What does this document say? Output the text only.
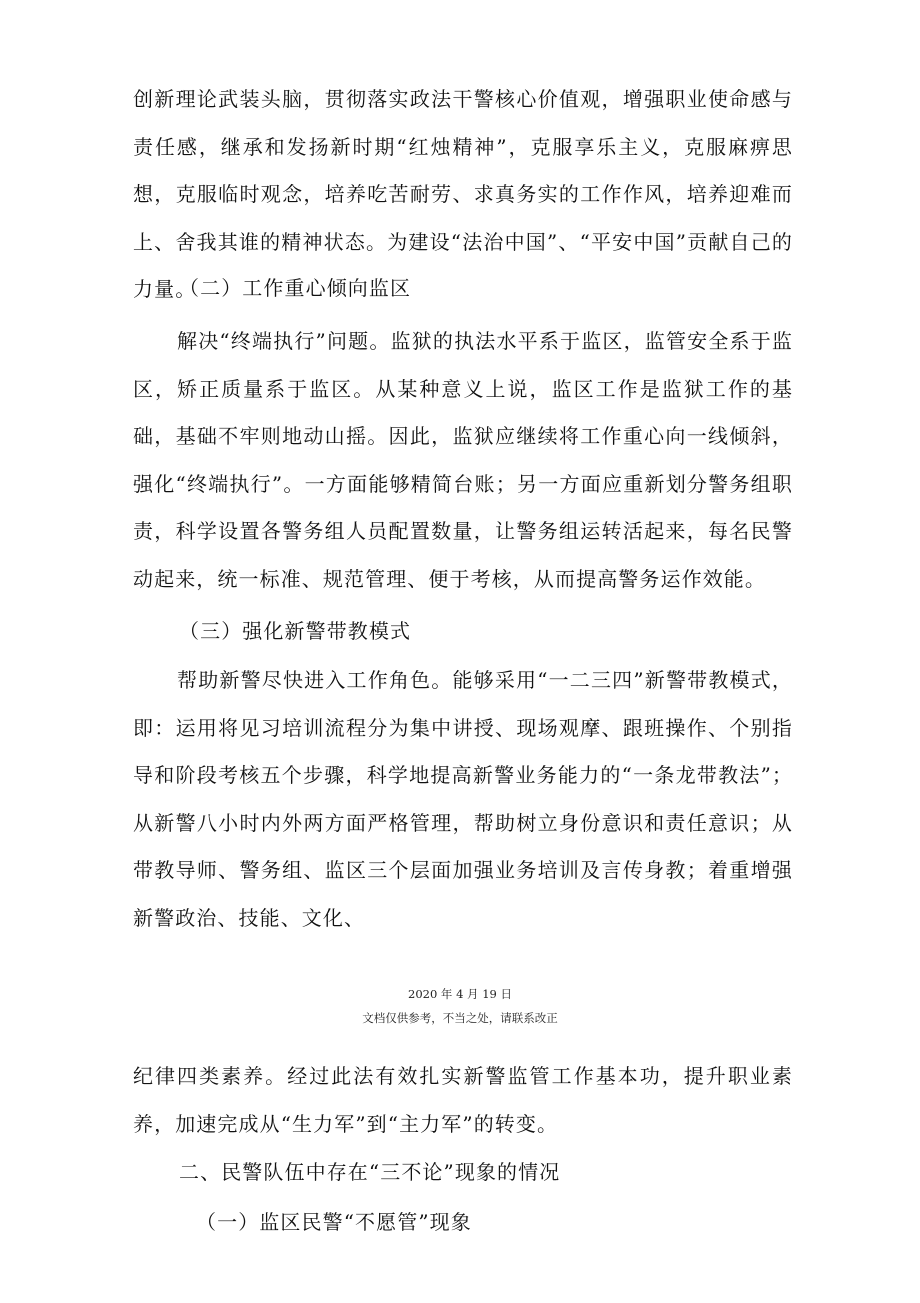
创新理论武装头脑，贯彻落实政法干警核心价值观，增强职业使命感与责任感，继承和发扬新时期“红烛精神”，克服享乐主义，克服麻痹思想，克服临时观念，培养吃苦耐劳、求真务实的工作作风，培养迎难而上、舍我其谁的精神状态。为建设“法治中国”、“平安中国”贡献自己的力量。

（二）工作重心倾向监区

解决“终端执行”问题。监狱的执法水平系于监区，监管安全系于监区，矫正质量系于监区。从某种意义上说，监区工作是监狱工作的基础，基础不牢则地动山摇。因此，监狱应继续将工作重心向一线倾斜，强化“终端执行”。一方面能够精简台账；另一方面应重新划分警务组职责，科学设置各警务组人员配置数量，让警务组运转活起来，每名民警动起来，统一标准、规范管理、便于考核，从而提高警务运作效能。

（三）强化新警带教模式

帮助新警尽快进入工作角色。能够采用“一二三四”新警带教模式，即：运用将见习培训流程分为集中讲授、现场观摩、跟班操作、个别指导和阶段考核五个步骤，科学地提高新警业务能力的“一条龙带教法”；从新警八小时内外两方面严格管理，帮助树立身份意识和责任意识；从带教导师、警务组、监区三个层面加强业务培训及言传身教；着重增强新警政治、技能、文化、

2020 年 4 月 19 日

文档仅供参考，不当之处，请联系改正

纪律四类素养。经过此法有效扎实新警监管工作基本功，提升职业素养，加速完成从“生力军”到“主力军”的转变。

二、民警队伍中存在“三不论”现象的情况

（一）监区民警“不愿管”现象
